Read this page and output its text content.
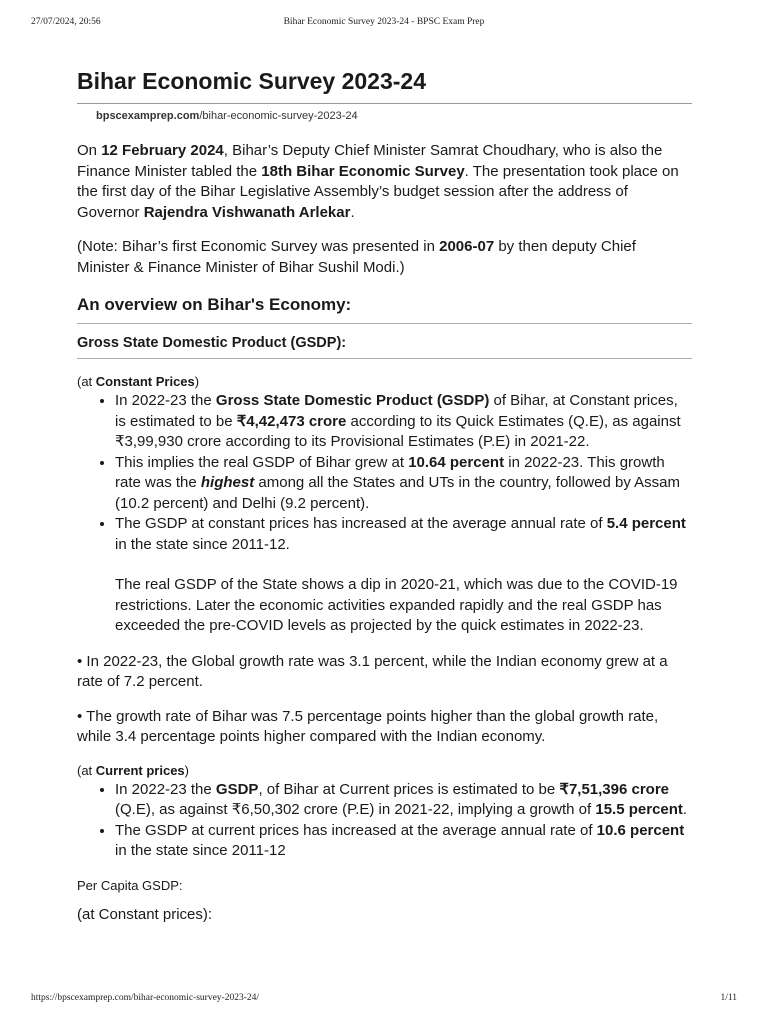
27/07/2024, 20:56	Bihar Economic Survey 2023-24 - BPSC Exam Prep
Bihar Economic Survey 2023-24
bpscexamprep.com/bihar-economic-survey-2023-24

On 12 February 2024, Bihar’s Deputy Chief Minister Samrat Choudhary, who is also the Finance Minister tabled the 18th Bihar Economic Survey. The presentation took place on the first day of the Bihar Legislative Assembly’s budget session after the address of Governor Rajendra Vishwanath Arlekar.

(Note: Bihar’s first Economic Survey was presented in 2006-07 by then deputy Chief Minister & Finance Minister of Bihar Sushil Modi.)

An overview on Bihar's Economy:
Gross State Domestic Product (GSDP):

(at Constant Prices)

• In 2022-23 the Gross State Domestic Product (GSDP) of Bihar, at Constant prices, is estimated to be ₹4,42,473 crore according to its Quick Estimates (Q.E), as against ₹3,99,930 crore according to its Provisional Estimates (P.E) in 2021-22.
• This implies the real GSDP of Bihar grew at 10.64 percent in 2022-23. This growth rate was the highest among all the States and UTs in the country, followed by Assam (10.2 percent) and Delhi (9.2 percent).
• The GSDP at constant prices has increased at the average annual rate of 5.4 percent in the state since 2011-12.

The real GSDP of the State shows a dip in 2020-21, which was due to the COVID-19 restrictions. Later the economic activities expanded rapidly and the real GSDP has exceeded the pre-COVID levels as projected by the quick estimates in 2022-23.

• In 2022-23, the Global growth rate was 3.1 percent, while the Indian economy grew at a rate of 7.2 percent.

• The growth rate of Bihar was 7.5 percentage points higher than the global growth rate, while 3.4 percentage points higher compared with the Indian economy.

(at Current prices)

• In 2022-23 the GSDP, of Bihar at Current prices is estimated to be ₹7,51,396 crore (Q.E), as against ₹6,50,302 crore (P.E) in 2021-22, implying a growth of 15.5 percent.
• The GSDP at current prices has increased at the average annual rate of 10.6 percent in the state since 2011-12

Per Capita GSDP:

(at Constant prices):

https://bpscexamprep.com/bihar-economic-survey-2023-24/	1/11
